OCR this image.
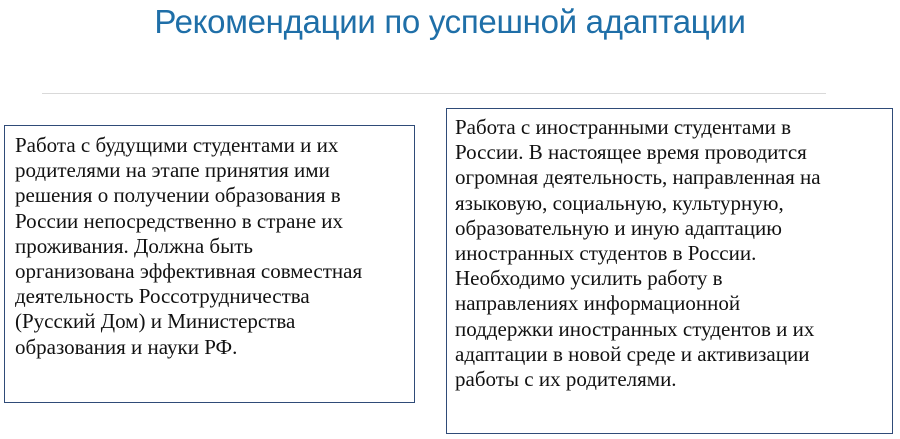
Рекомендации по успешной адаптации
Работа с будущими студентами и их
родителями на этапе принятия ими
решения о получении образования в
России непосредственно в стране их
проживания. Должна быть
организована эффективная совместная
деятельность Россотрудничества
(Русский Дом) и Министерства
образования и науки РФ.
Работа с иностранными студентами в
России. В настоящее время проводится
огромная деятельность, направленная на
языковую, социальную, культурную,
образовательную и иную адаптацию
иностранных студентов в России.
Необходимо усилить работу в
направлениях информационной
поддержки иностранных студентов и их
адаптации в новой среде и активизации
работы с их родителями.
